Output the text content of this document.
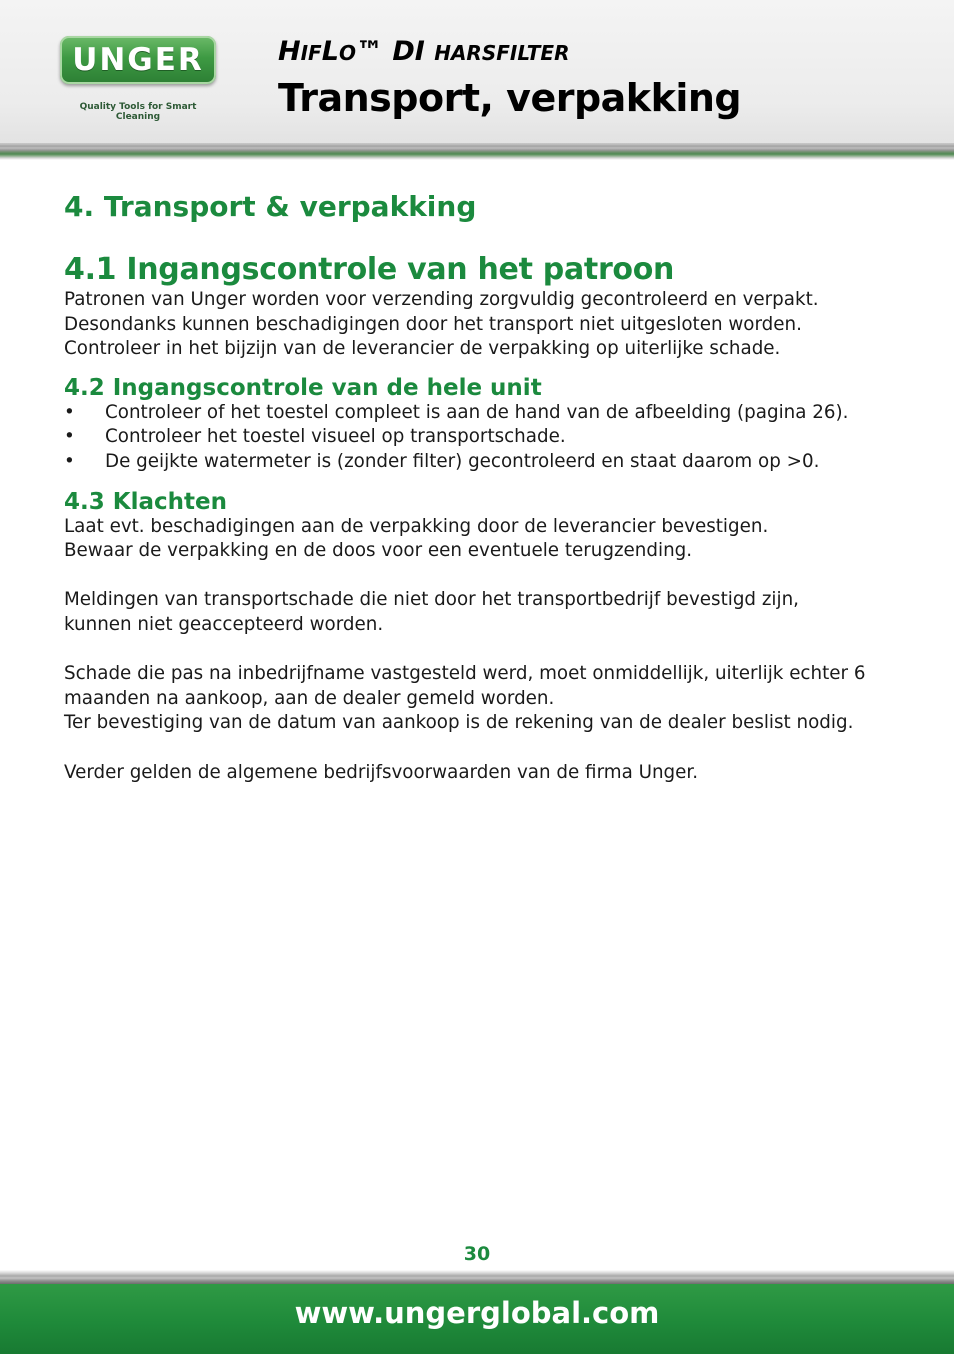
UNGER
Quality Tools for Smart Cleaning
HIFLO™ DI HARSFILTER
Transport, verpakking
4. Transport & verpakking
4.1 Ingangscontrole van het patroon

Patronen van Unger worden voor verzending zorgvuldig gecontroleerd en verpakt.

Desondanks kunnen beschadigingen door het transport niet uitgesloten worden.

Controleer in het bijzijn van de leverancier de verpakking op uiterlijke schade.

4.2 Ingangscontrole van de hele unit
• Controleer of het toestel compleet is aan de hand van de afbeelding (pagina 26).
• Controleer het toestel visueel op transportschade.
• De geijkte watermeter is (zonder filter) gecontroleerd en staat daarom op >0.
4.3 Klachten

Laat evt. beschadigingen aan de verpakking door de leverancier bevestigen.

Bewaar de verpakking en de doos voor een eventuele terugzending.

Meldingen van transportschade die niet door het transportbedrijf bevestigd zijn,

kunnen niet geaccepteerd worden.

Schade die pas na inbedrijfname vastgesteld werd, moet onmiddellijk, uiterlijk echter 6

maanden na aankoop, aan de dealer gemeld worden.

Ter bevestiging van de datum van aankoop is de rekening van de dealer beslist nodig.

Verder gelden de algemene bedrijfsvoorwaarden van de firma Unger.

30
www.ungerglobal.com
